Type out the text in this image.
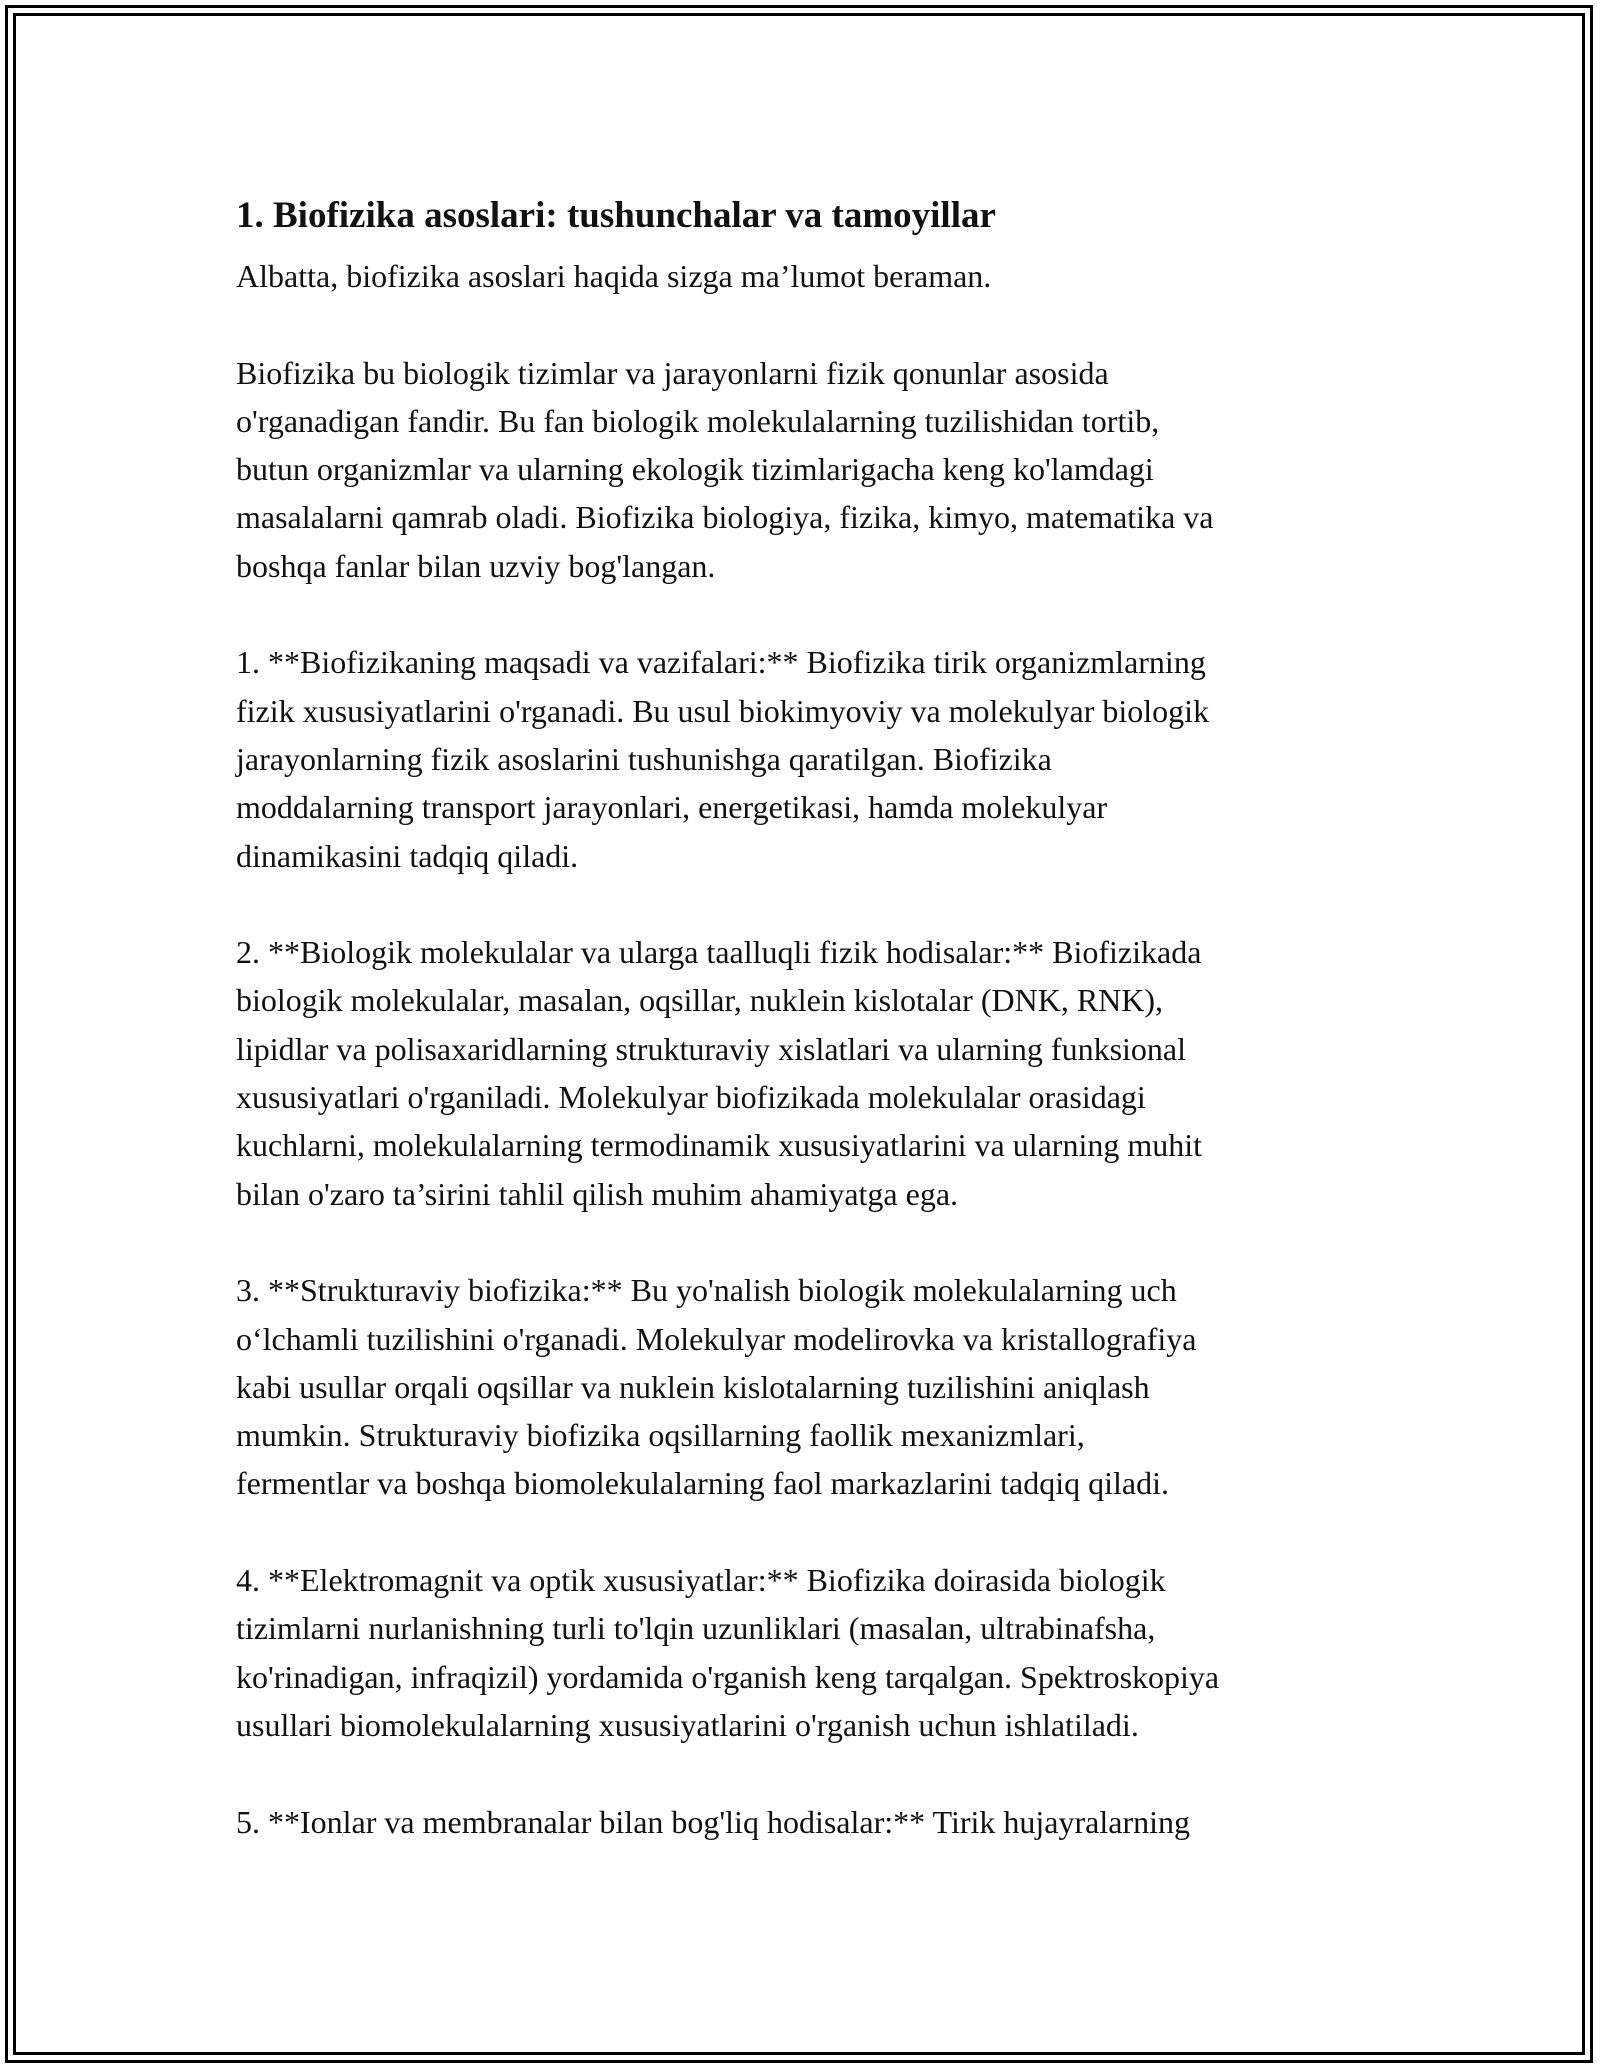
1. Biofizika asoslari: tushunchalar va tamoyillar
Albatta, biofizika asoslari haqida sizga ma’lumot beraman.
Biofizika bu biologik tizimlar va jarayonlarni fizik qonunlar asosida
o'rganadigan fandir. Bu fan biologik molekulalarning tuzilishidan tortib,
butun organizmlar va ularning ekologik tizimlarigacha keng ko'lamdagi
masalalarni qamrab oladi. Biofizika biologiya, fizika, kimyo, matematika va
boshqa fanlar bilan uzviy bog'langan.
1. **Biofizikaning maqsadi va vazifalari:** Biofizika tirik organizmlarning
fizik xususiyatlarini o'rganadi. Bu usul biokimyoviy va molekulyar biologik
jarayonlarning fizik asoslarini tushunishga qaratilgan. Biofizika
moddalarning transport jarayonlari, energetikasi, hamda molekulyar
dinamikasini tadqiq qiladi.
2. **Biologik molekulalar va ularga taalluqli fizik hodisalar:** Biofizikada
biologik molekulalar, masalan, oqsillar, nuklein kislotalar (DNK, RNK),
lipidlar va polisaxaridlarning strukturaviy xislatlari va ularning funksional
xususiyatlari o'rganiladi. Molekulyar biofizikada molekulalar orasidagi
kuchlarni, molekulalarning termodinamik xususiyatlarini va ularning muhit
bilan o'zaro ta’sirini tahlil qilish muhim ahamiyatga ega.
3. **Strukturaviy biofizika:** Bu yo'nalish biologik molekulalarning uch
o‘lchamli tuzilishini o'rganadi. Molekulyar modelirovka va kristallografiya
kabi usullar orqali oqsillar va nuklein kislotalarning tuzilishini aniqlash
mumkin. Strukturaviy biofizika oqsillarning faollik mexanizmlari,
fermentlar va boshqa biomolekulalarning faol markazlarini tadqiq qiladi.
4. **Elektromagnit va optik xususiyatlar:** Biofizika doirasida biologik
tizimlarni nurlanishning turli to'lqin uzunliklari (masalan, ultrabinafsha,
ko'rinadigan, infraqizil) yordamida o'rganish keng tarqalgan. Spektroskopiya
usullari biomolekulalarning xususiyatlarini o'rganish uchun ishlatiladi.
5. **Ionlar va membranalar bilan bog'liq hodisalar:** Tirik hujayralarning
